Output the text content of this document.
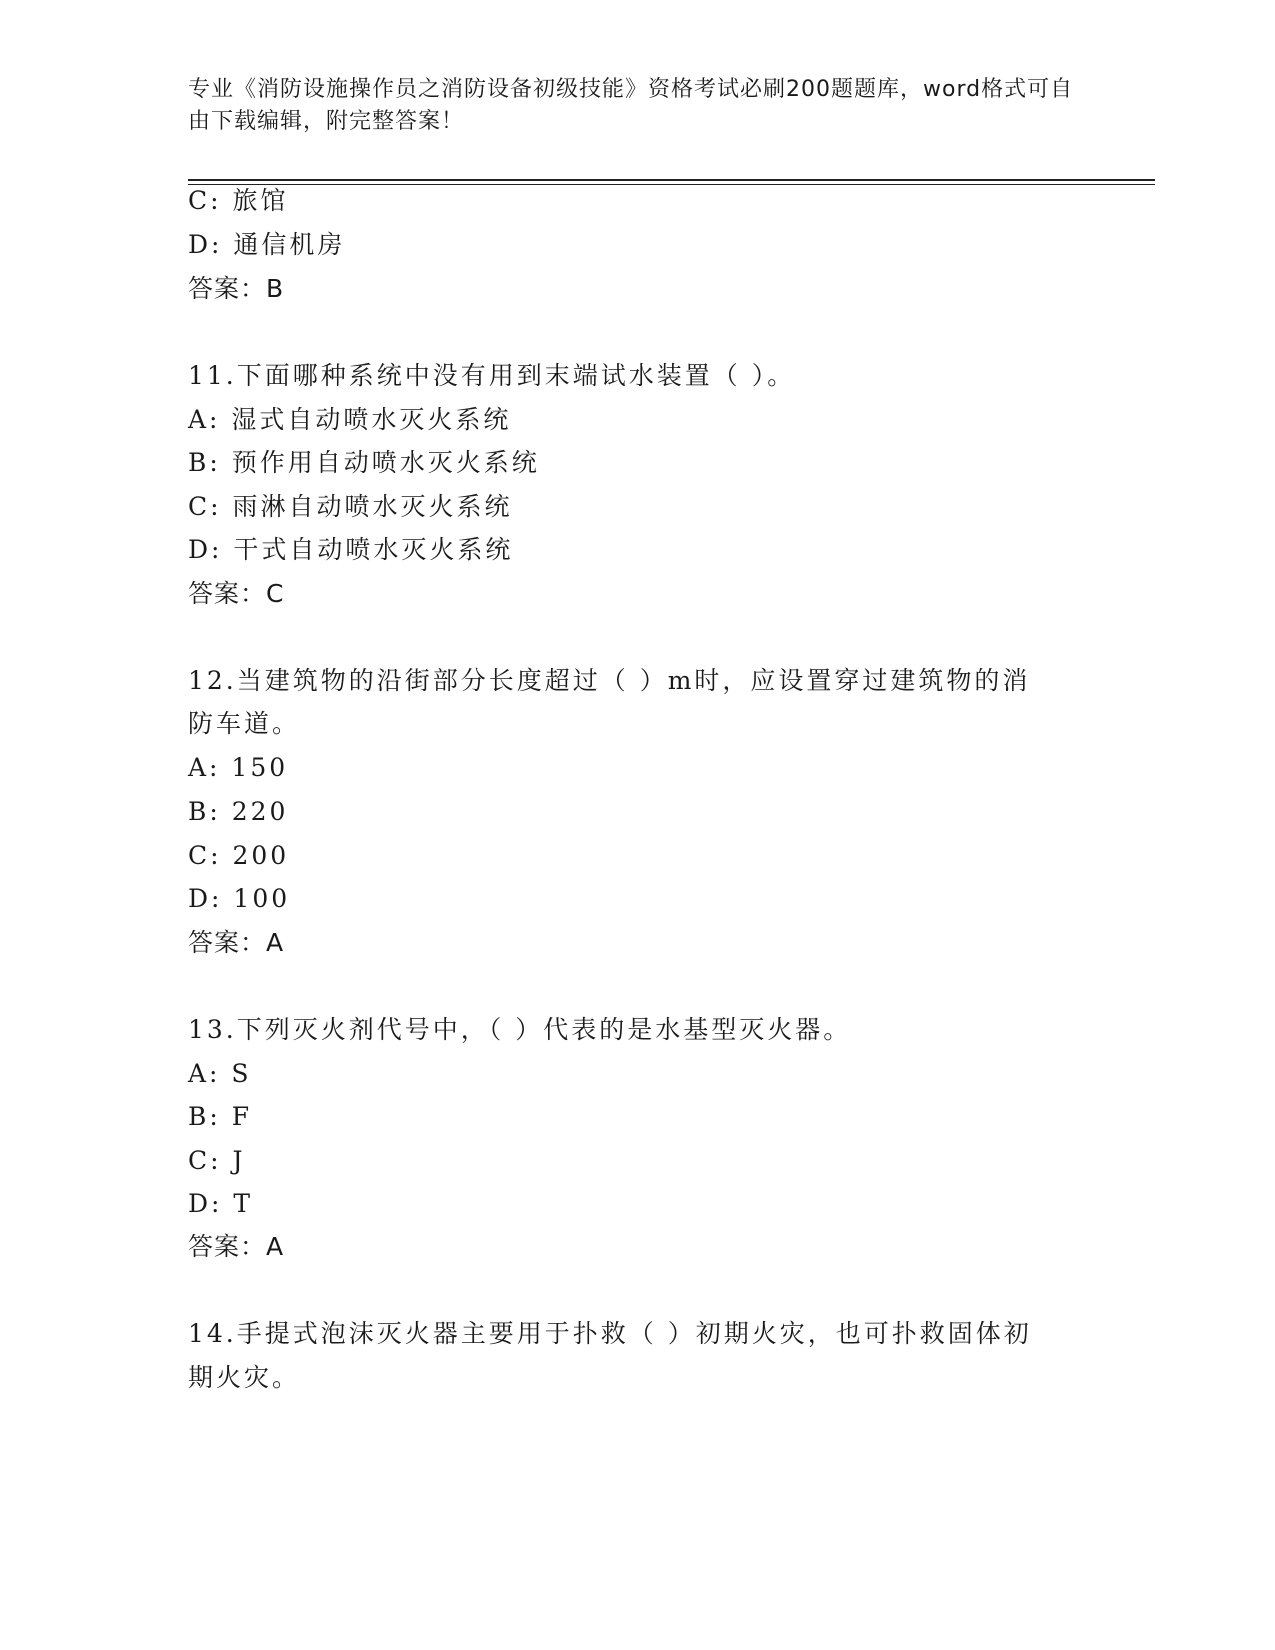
专业《消防设施操作员之消防设备初级技能》资格考试必刷200题题库，word格式可自由下载编辑，附完整答案！
C: 旅馆
D: 通信机房
答案：B
11.下面哪种系统中没有用到末端试水装置（ ）。
A: 湿式自动喷水灭火系统
B: 预作用自动喷水灭火系统
C: 雨淋自动喷水灭火系统
D: 干式自动喷水灭火系统
答案：C
12.当建筑物的沿街部分长度超过（ ）m时，应设置穿过建筑物的消
防车道。
A: 150
B: 220
C: 200
D: 100
答案：A
13.下列灭火剂代号中，（ ）代表的是水基型灭火器。
A: S
B: F
C: J
D: T
答案：A
14.手提式泡沫灭火器主要用于扑救（ ）初期火灾，也可扑救固体初
期火灾。
